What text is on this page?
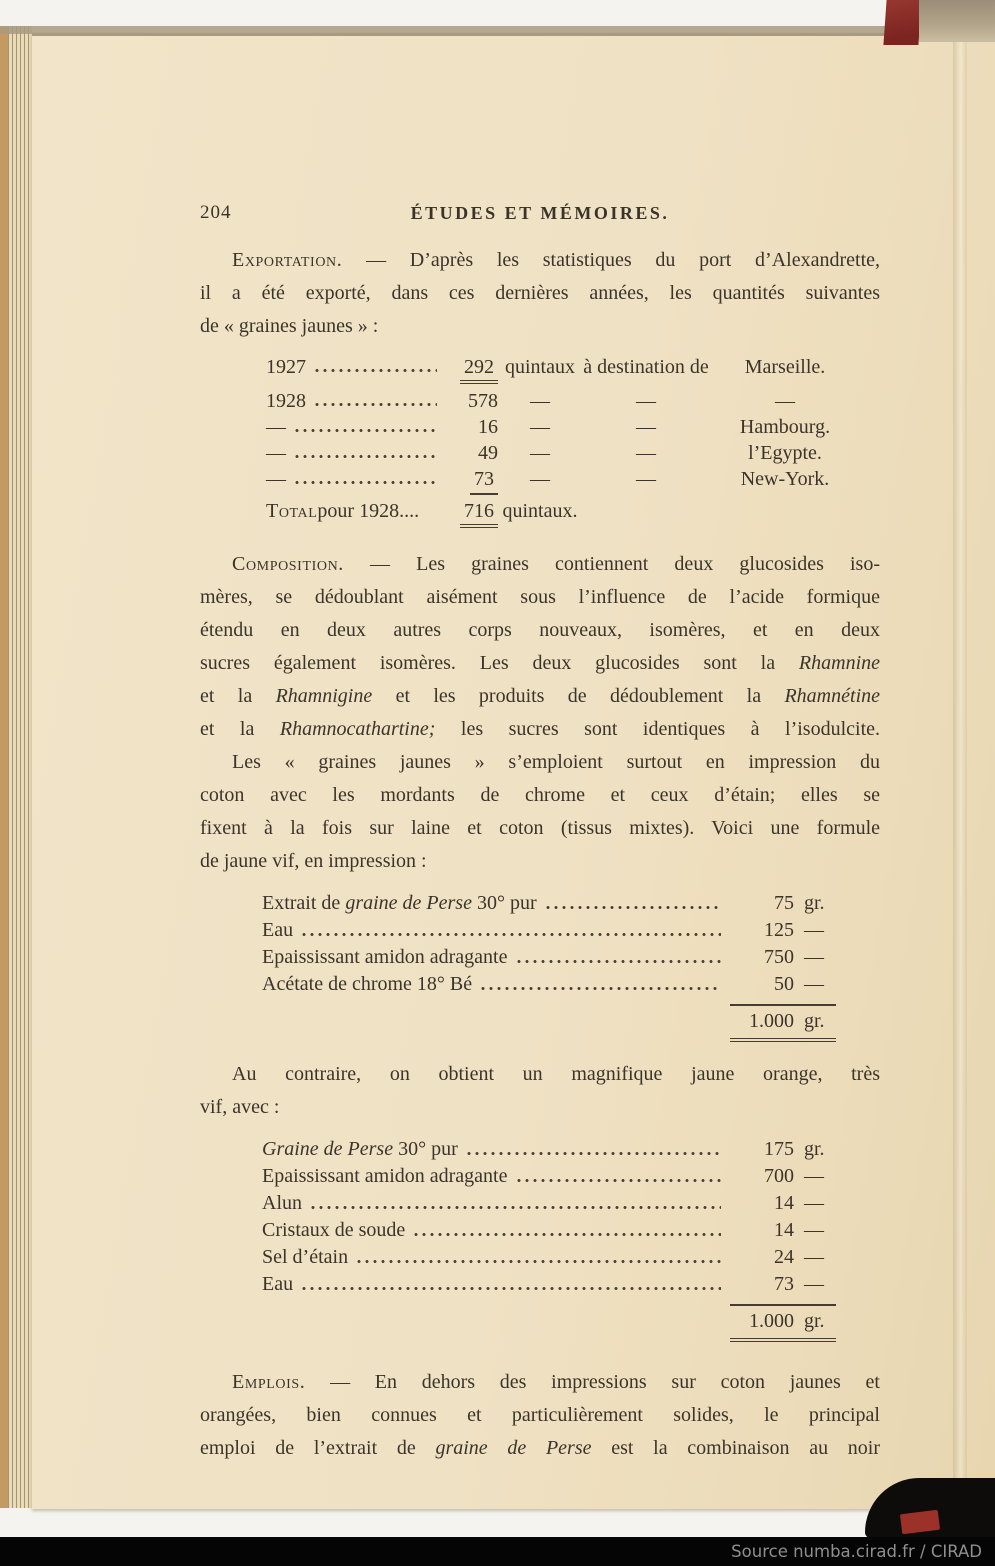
204	ÉTUDES ET MÉMOIRES.
Exportation. — D’après les statistiques du port d’Alexandrette,
il a été exporté, dans ces dernières années, les quantités suivantes
de « graines jaunes » :
1927	292 quintaux à destination de	Marseille.
1928	578	—	—	—
—	16	—	—	Hambourg.
—	49	—	—	l’Egypte.
—	73	—	—	New-York.
Total pour 1928....	716 quintaux.
Composition. — Les graines contiennent deux glucosides iso-
mères, se dédoublant aisément sous l’influence de l’acide formique
étendu en deux autres corps nouveaux, isomères, et en deux
sucres également isomères. Les deux glucosides sont la Rhamnine
et la Rhamnigine et les produits de dédoublement la Rhamnétine
et la Rhamnocathartine; les sucres sont identiques à l’isodulcite.
Les « graines jaunes » s’emploient surtout en impression du
coton avec les mordants de chrome et ceux d’étain; elles se
fixent à la fois sur laine et coton (tissus mixtes). Voici une formule
de jaune vif, en impression :
Extrait de graine de Perse 30° pur	75 gr.
Eau	125 —
Epaississant amidon adragante	750 —
Acétate de chrome 18° Bé	50 —
1.000 gr.
Au contraire, on obtient un magnifique jaune orange, très
vif, avec :
Graine de Perse 30° pur	175 gr.
Epaississant amidon adragante	700 —
Alun	14 —
Cristaux de soude	14 —
Sel d’étain	24 —
Eau	73 —
1.000 gr.
Emplois. — En dehors des impressions sur coton jaunes et
orangées, bien connues et particulièrement solides, le principal
emploi de l’extrait de graine de Perse est la combinaison au noir
Source numba.cirad.fr / CIRAD
